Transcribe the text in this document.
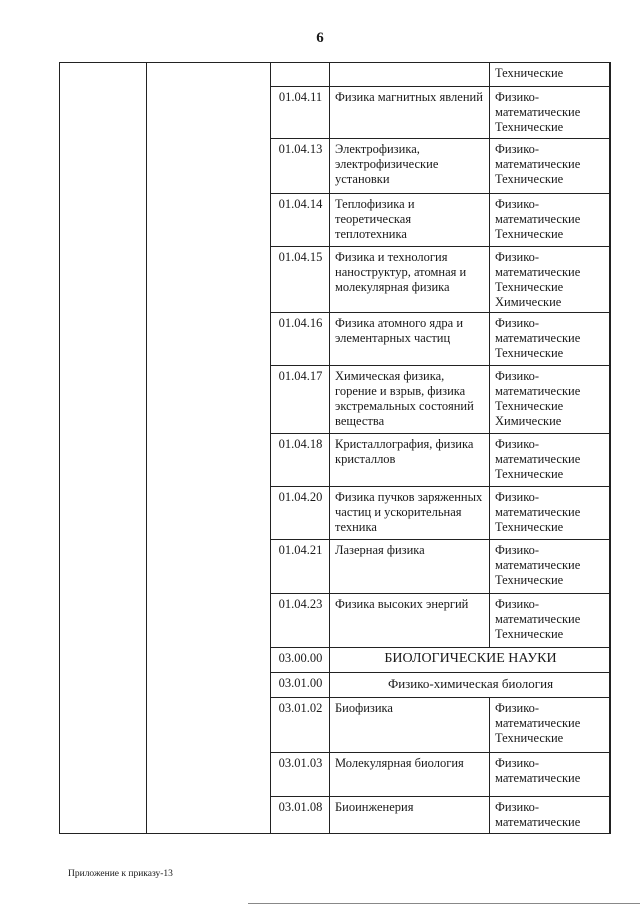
6

		Технические	

01.04.11	Физика магнитных явлений	Физико-
математические
Технические	

01.04.13	Электрофизика, электрофизические установки	Физико-
математические
Технические	

01.04.14	Теплофизика и теоретическая теплотехника	Физико-
математические
Технические	

01.04.15	Физика и технология наноструктур, атомная и молекулярная физика	Физико-
математические
Технические
Химические	

01.04.16	Физика атомного ядра и элементарных частиц	Физико-
математические
Технические	

01.04.17	Химическая физика, горение и взрыв, физика экстремальных состояний вещества	Физико-
математические
Технические
Химические	

01.04.18	Кристаллография, физика кристаллов	Физико-
математические
Технические	

01.04.20	Физика пучков заряженных частиц и ускорительная техника	Физико-
математические
Технические	

01.04.21	Лазерная физика	Физико-
математические
Технические	

01.04.23	Физика высоких энергий	Физико-
математические
Технические	

03.00.00	БИОЛОГИЧЕСКИЕ НАУКИ		
03.01.00	Физико-химическая биология		
03.01.02	Биофизика	Физико-
математические
Технические	

03.01.03	Молекулярная биология	Физико-
математические	

03.01.08	Биоинженерия	Физико-
математические	

Приложение к приказу-13
